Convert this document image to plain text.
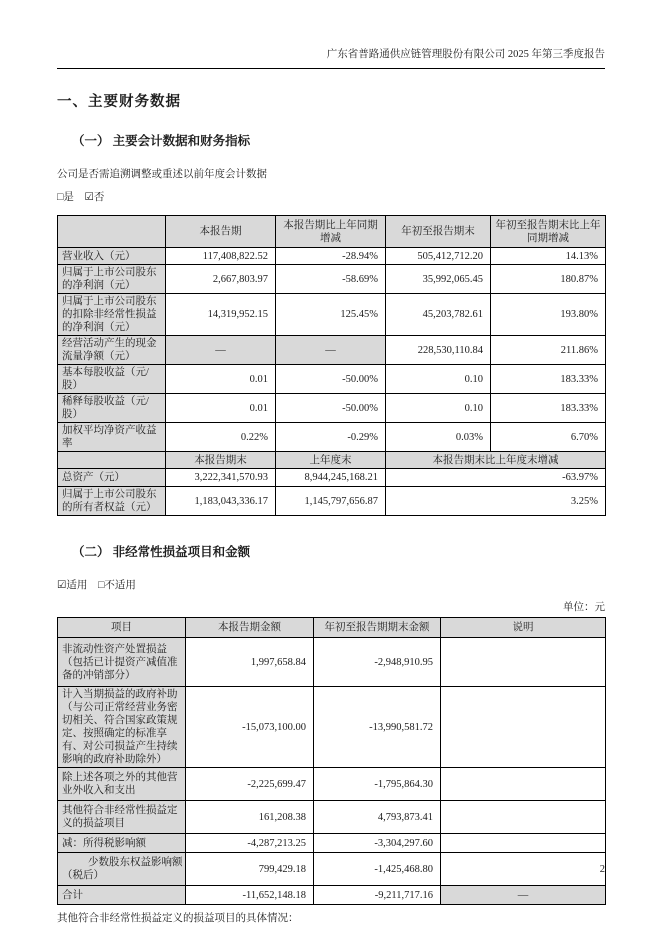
广东省普路通供应链管理股份有限公司 2025 年第三季度报告
一、主要财务数据
（一） 主要会计数据和财务指标

公司是否需追溯调整或重述以前年度会计数据

□是 ☑否

	本报告期	本报告期比上年同期增减	年初至报告期末	年初至报告期末比上年同期增减
营业收入（元）	117,408,822.52	-28.94%	505,412,712.20	14.13%
归属于上市公司股东的净利润（元）	2,667,803.97	-58.69%	35,992,065.45	180.87%
归属于上市公司股东的扣除非经常性损益的净利润（元）	14,319,952.15	125.45%	45,203,782.61	193.80%
经营活动产生的现金流量净额（元）	—	—	228,530,110.84	211.86%
基本每股收益（元/股）	0.01	-50.00%	0.10	183.33%
稀释每股收益（元/股）	0.01	-50.00%	0.10	183.33%
加权平均净资产收益率	0.22%	-0.29%	0.03%	6.70%
	本报告期末	上年度末	本报告期末比上年度末增减	
总资产（元）	3,222,341,570.93	8,944,245,168.21	-63.97%	
归属于上市公司股东的所有者权益（元）	1,183,043,336.17	1,145,797,656.87	3.25%	
（二） 非经常性损益项目和金额

☑适用 □不适用

单位：元
项目	本报告期金额	年初至报告期期末金额	说明
非流动性资产处置损益（包括已计提资产减值准备的冲销部分）	1,997,658.84	-2,948,910.95	
计入当期损益的政府补助（与公司正常经营业务密切相关、符合国家政策规定、按照确定的标准享有、对公司损益产生持续影响的政府补助除外）	-15,073,100.00	-13,990,581.72	
除上述各项之外的其他营业外收入和支出	-2,225,699.47	-1,795,864.30	
其他符合非经常性损益定义的损益项目	161,208.38	4,793,873.41	
减：所得税影响额	-4,287,213.25	-3,304,297.60	
少数股东权益影响额（税后）	799,429.18	-1,425,468.80	
合计	-11,652,148.18	-9,211,717.16	—

其他符合非经常性损益定义的损益项目的具体情况：

2
